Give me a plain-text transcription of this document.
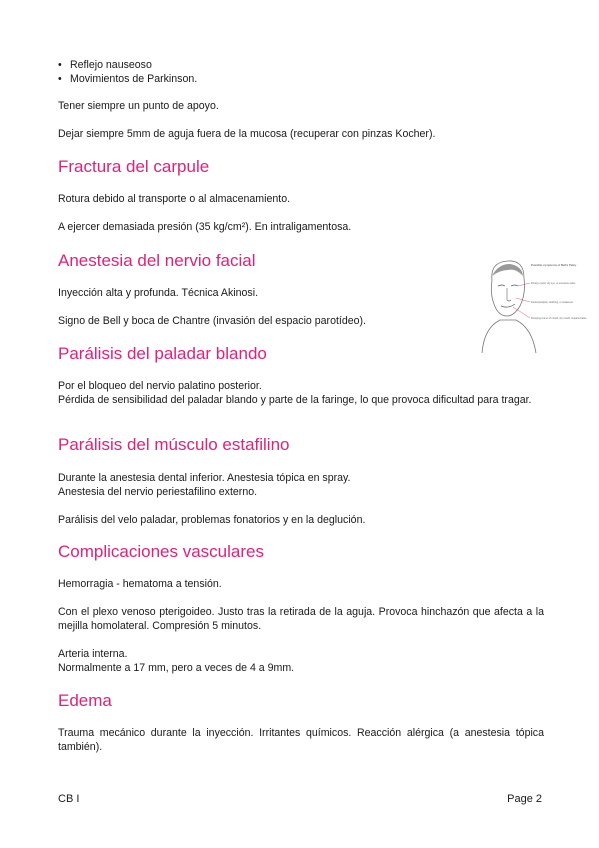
• Reflejo nauseoso
• Movimientos de Parkinson.
Tener siempre un punto de apoyo.
Dejar siempre 5mm de aguja fuera de la mucosa (recuperar con pinzas Kocher).
Fractura del carpule
Rotura debido al transporte o al almacenamiento.
A ejercer demasiada presión (35 kg/cm²). En intraligamentosa.
Anestesia del nervio facial
Inyección alta y profunda. Técnica Akinosi.
Signo de Bell y boca de Chantre (invasión del espacio parotídeo).
Possible symptoms of Bell's Palsy
Droopy eyelid, dry eye, or excessive tears
Facial paralysis, twitching, or weakness
Drooping corner of mouth, dry mouth, impaired taste
Parálisis del paladar blando
Por el bloqueo del nervio palatino posterior.
Pérdida de sensibilidad del paladar blando y parte de la faringe, lo que provoca dificultad para tragar.
Parálisis del músculo estafilino
Durante la anestesia dental inferior. Anestesia tópica en spray.
Anestesia del nervio periestafilino externo.
Parálisis del velo paladar, problemas fonatorios y en la deglución.
Complicaciones vasculares
Hemorragia - hematoma a tensión.
Con el plexo venoso pterigoideo. Justo tras la retirada de la aguja. Provoca hinchazón que afecta a la mejilla homolateral. Compresión 5 minutos.
Arteria interna.
Normalmente a 17 mm, pero a veces de 4 a 9mm.
Edema
Trauma mecánico durante la inyección. Irritantes químicos. Reacción alérgica (a anestesia tópica también).
CB I	Page 2
